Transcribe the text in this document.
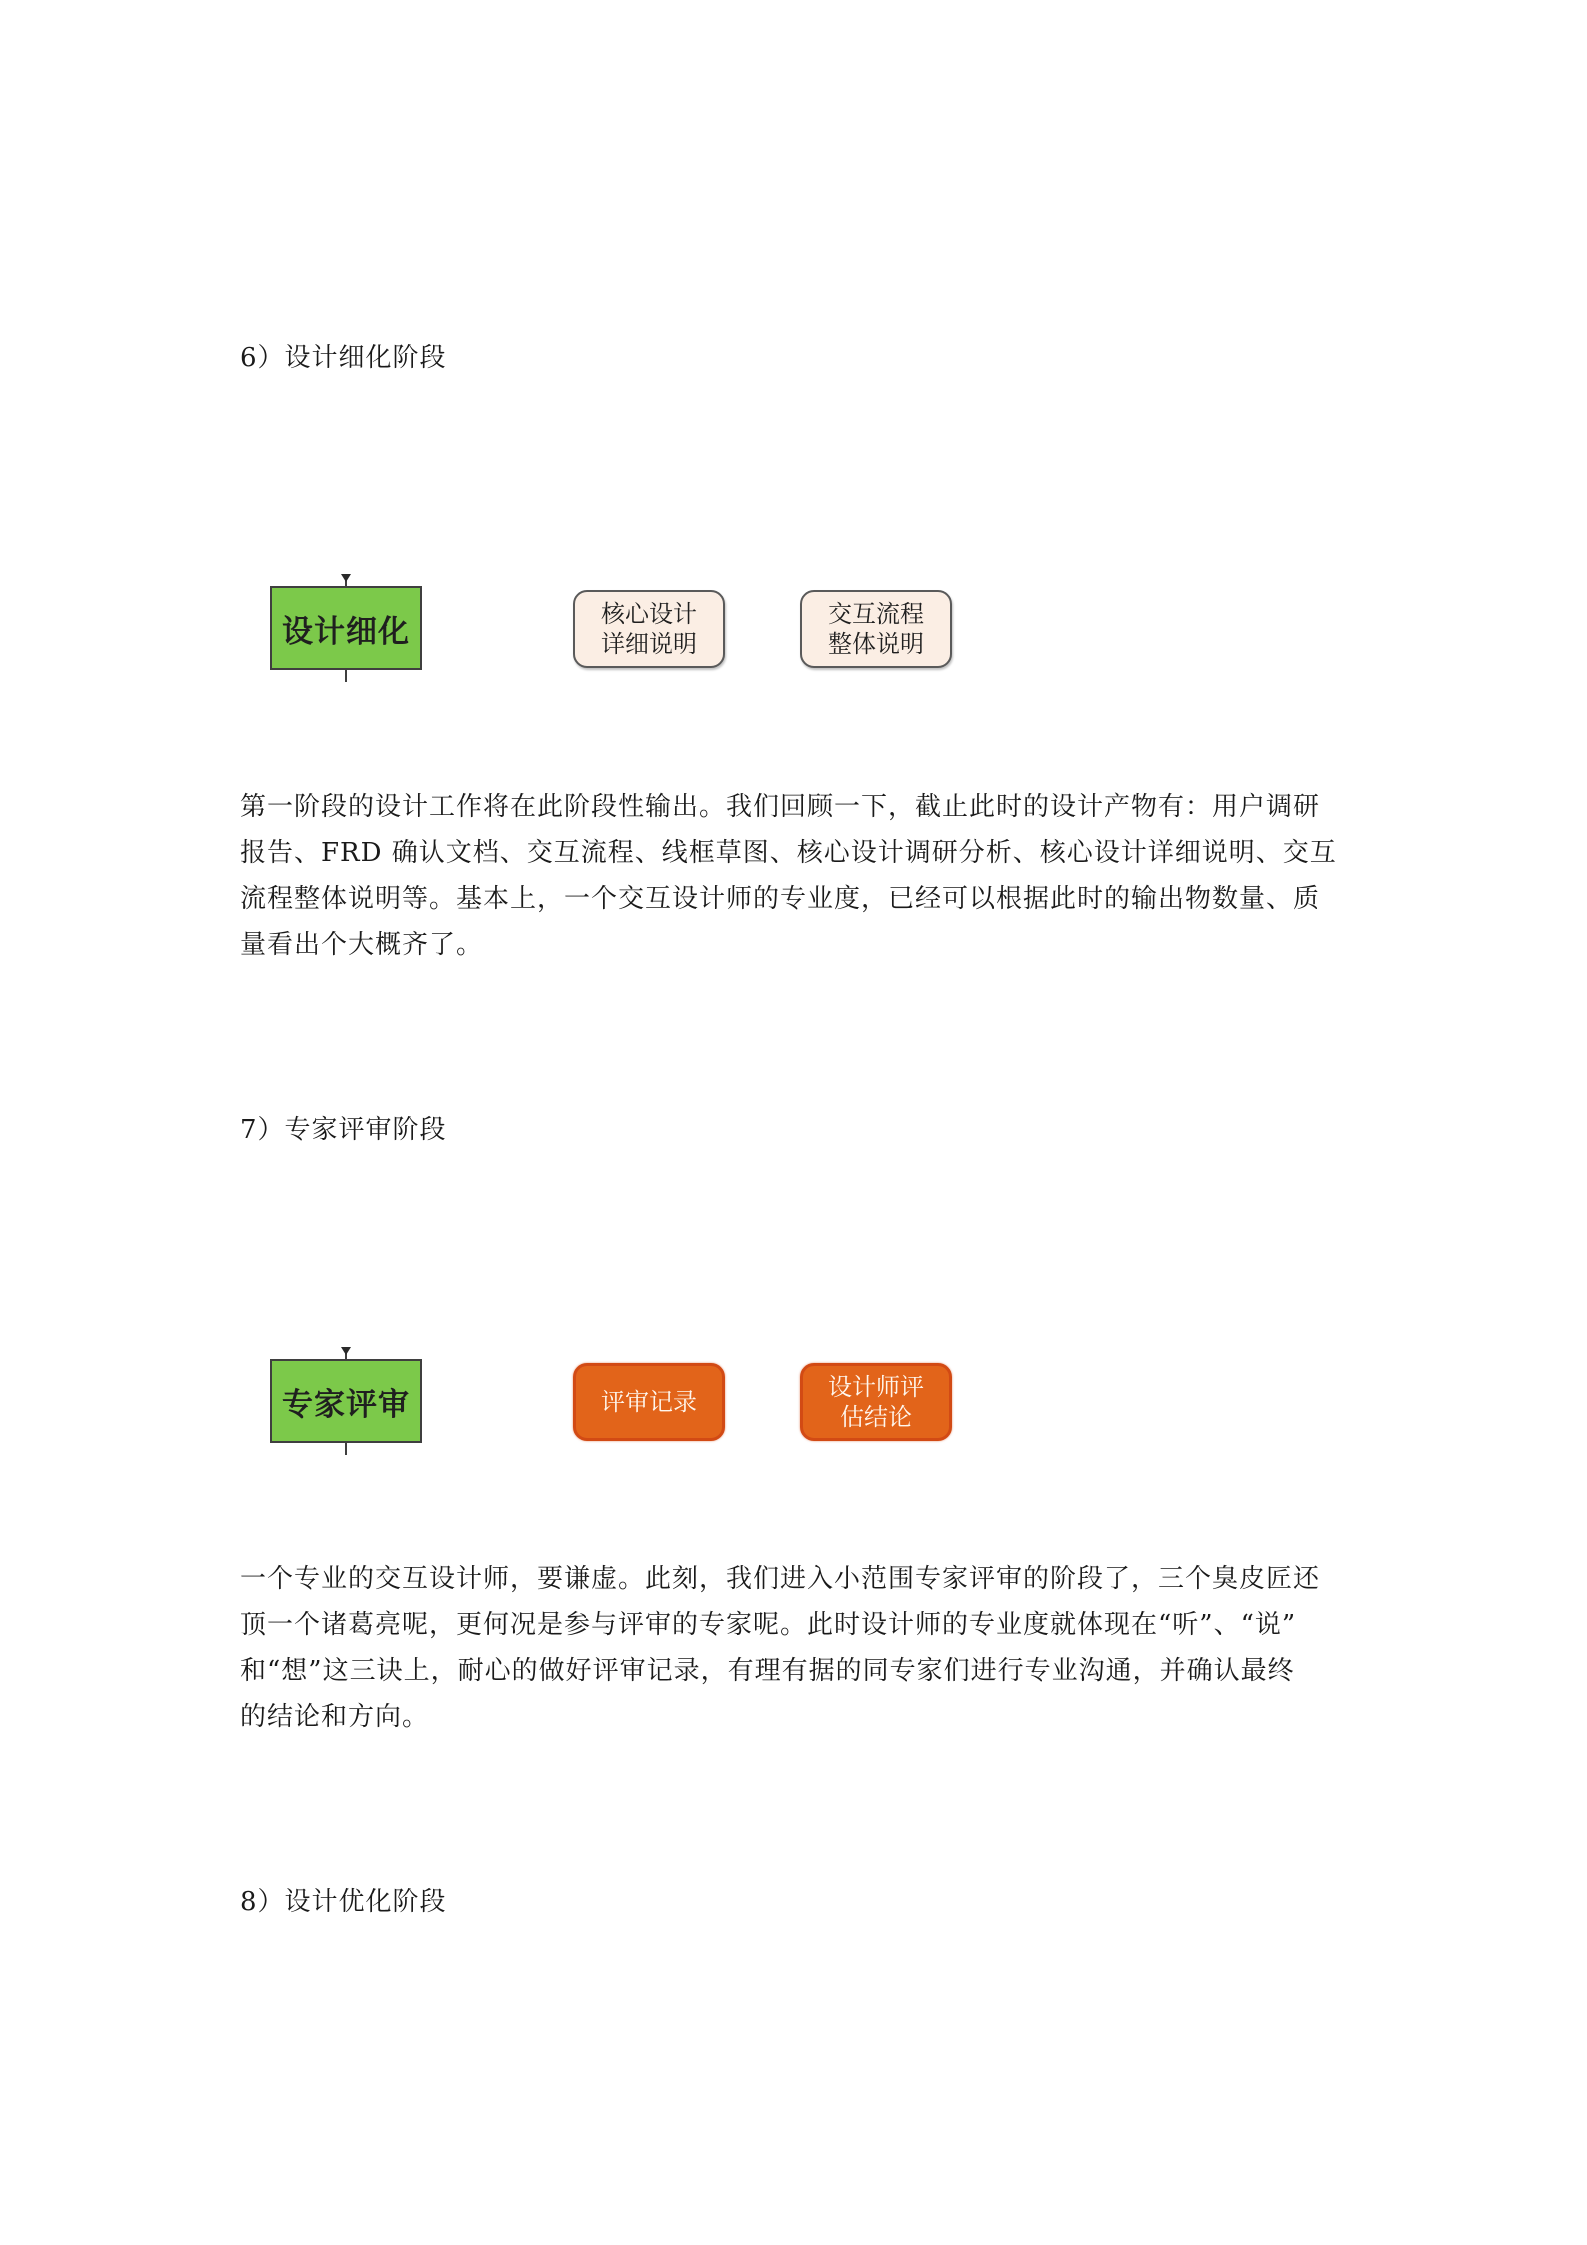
6）设计细化阶段
设计细化	核心设计
详细说明
交互流程
整体说明
第一阶段的设计工作将在此阶段性输出。我们回顾一下，截止此时的设计产物有：用户调研
报告、FRD 确认文档、交互流程、线框草图、核心设计调研分析、核心设计详细说明、交互
流程整体说明等。基本上，一个交互设计师的专业度，已经可以根据此时的输出物数量、质
量看出个大概齐了。
7）专家评审阶段
专家评审	评审记录
设计师评
估结论
一个专业的交互设计师，要谦虚。此刻，我们进入小范围专家评审的阶段了，三个臭皮匠还
顶一个诸葛亮呢，更何况是参与评审的专家呢。此时设计师的专业度就体现在“听”、“说”
和“想”这三诀上，耐心的做好评审记录，有理有据的同专家们进行专业沟通，并确认最终
的结论和方向。
8）设计优化阶段
